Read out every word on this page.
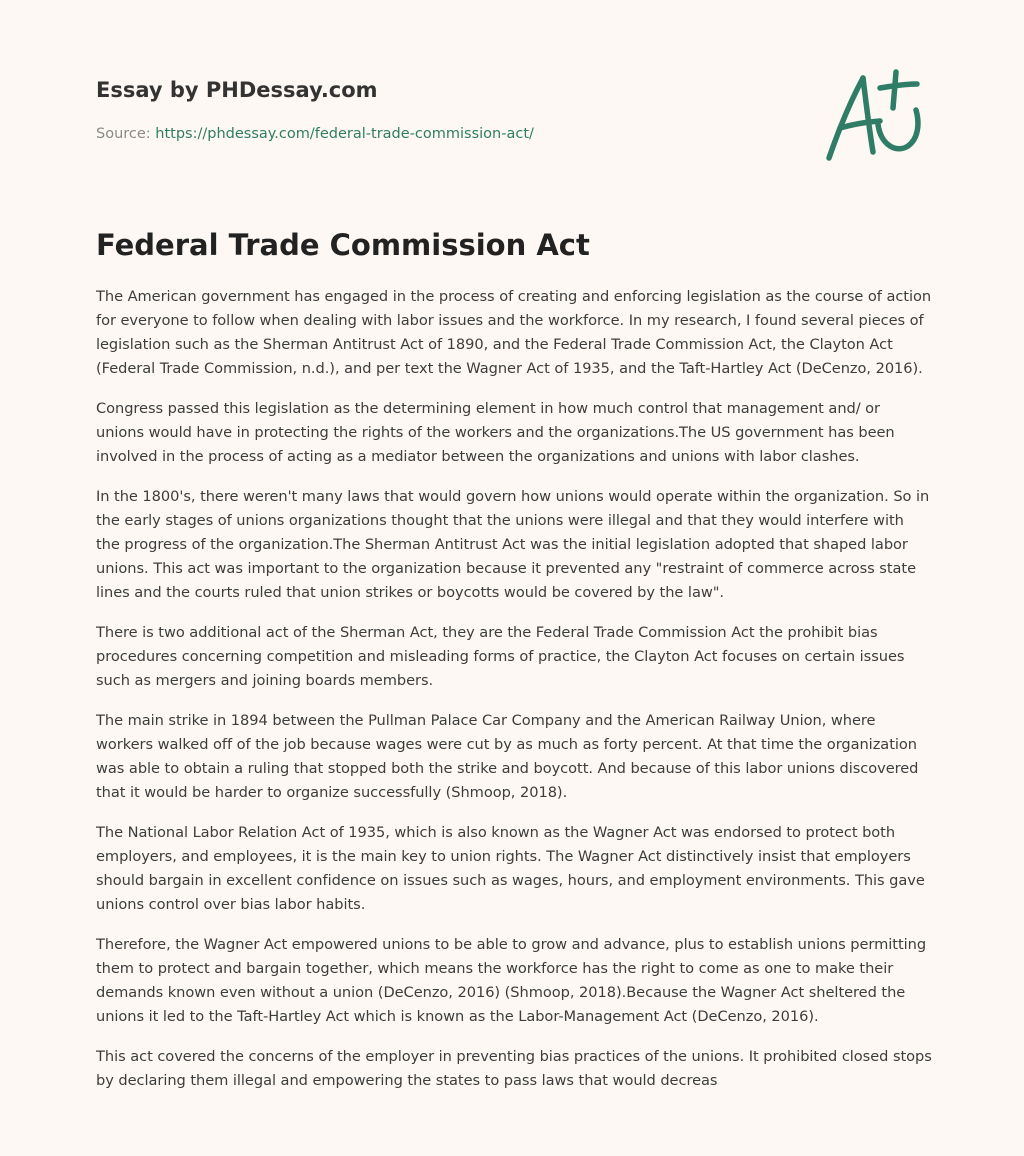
Essay by PHDessay.com

Source: https://phdessay.com/federal-trade-commission-act/
Federal Trade Commission Act

The American government has engaged in the process of creating and enforcing legislation as the course of action for everyone to follow when dealing with labor issues and the workforce. In my research, I found several pieces of legislation such as the Sherman Antitrust Act of 1890, and the Federal Trade Commission Act, the Clayton Act (Federal Trade Commission, n.d.), and per text the Wagner Act of 1935, and the Taft-Hartley Act (DeCenzo, 2016).

Congress passed this legislation as the determining element in how much control that management and/ or unions would have in protecting the rights of the workers and the organizations.The US government has been involved in the process of acting as a mediator between the organizations and unions with labor clashes.

In the 1800's, there weren't many laws that would govern how unions would operate within the organization. So in the early stages of unions organizations thought that the unions were illegal and that they would interfere with the progress of the organization.The Sherman Antitrust Act was the initial legislation adopted that shaped labor unions. This act was important to the organization because it prevented any "restraint of commerce across state lines and the courts ruled that union strikes or boycotts would be covered by the law".

There is two additional act of the Sherman Act, they are the Federal Trade Commission Act the prohibit bias procedures concerning competition and misleading forms of practice, the Clayton Act focuses on certain issues such as mergers and joining boards members.

The main strike in 1894 between the Pullman Palace Car Company and the American Railway Union, where workers walked off of the job because wages were cut by as much as forty percent. At that time the organization was able to obtain a ruling that stopped both the strike and boycott. And because of this labor unions discovered that it would be harder to organize successfully (Shmoop, 2018).

The National Labor Relation Act of 1935, which is also known as the Wagner Act was endorsed to protect both employers, and employees, it is the main key to union rights. The Wagner Act distinctively insist that employers should bargain in excellent confidence on issues such as wages, hours, and employment environments. This gave unions control over bias labor habits.

Therefore, the Wagner Act empowered unions to be able to grow and advance, plus to establish unions permitting them to protect and bargain together, which means the workforce has the right to come as one to make their demands known even without a union (DeCenzo, 2016) (Shmoop, 2018).Because the Wagner Act sheltered the unions it led to the Taft-Hartley Act which is known as the Labor-Management Act (DeCenzo, 2016).

This act covered the concerns of the employer in preventing bias practices of the unions. It prohibited closed stops by declaring them illegal and empowering the states to pass laws that would decreas
